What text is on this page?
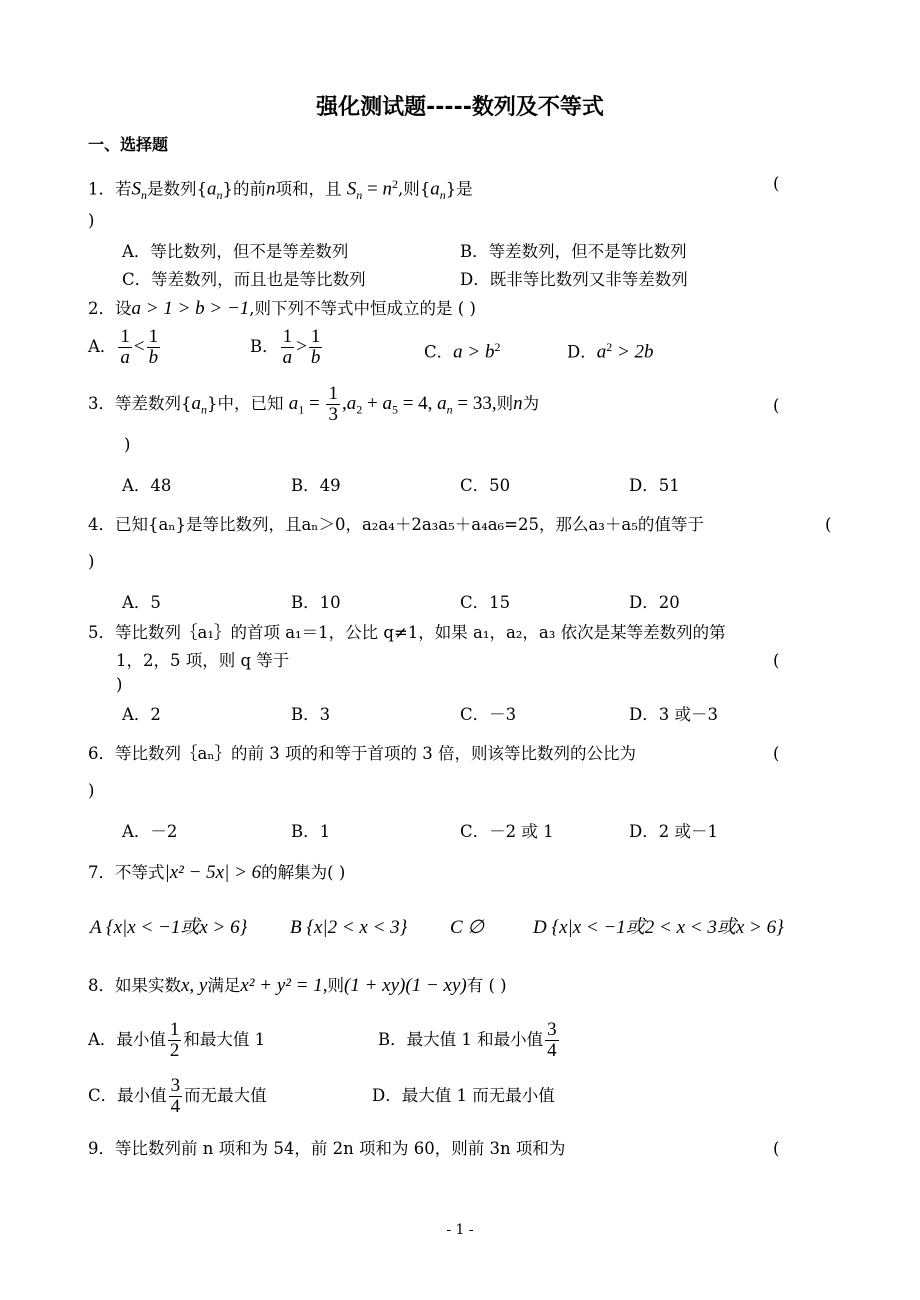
强化测试题-----数列及不等式
一、选择题
1．若$S_n$是数列$\{a_n\}$的前n项和，且 $S_n = n^2$,则$\{a_n\}$是	(
)
A．等比数列，但不是等差数列	B．等差数列，但不是等比数列
C．等差数列，而且也是等比数列	D．既非等比数列又非等差数列
2．设a > 1 > b > −1,则下列不等式中恒成立的是 ( )
A． $\frac{1}{a} < \frac{1}{b}$	B． $\frac{1}{a} > \frac{1}{b}$	C．$a > b^2$	D．$a^2 > 2b$
3．等差数列$\{a_n\}$中，已知 $a_1 = \frac{1}{3} ,a_2 + a_5 = 4$, $a_n = 33$,则n为	(
)
A．48	B．49	C．50	D．51
4．已知{aₙ}是等比数列，且aₙ＞0，a₂a₄＋2a₃a₅＋a₄a₆=25，那么a₃＋a₅的值等于	(
)
A．5	B．10	C．15	D．20
5．等比数列｛a₁｝的首项 a₁＝1，公比 q≠1，如果 a₁，a₂，a₃ 依次是某等差数列的第
1，2，5 项，则 q 等于	(
)
A．2	B．3	C．－3	D．3 或－3
6．等比数列｛aₙ｝的前 3 项的和等于首项的 3 倍，则该等比数列的公比为	(
)
A．－2	B．1	C．－2 或 1	D．2 或－1
7．不等式|x² − 5x| > 6的解集为( )
A {x|x < −1或x > 6} B {x|2 < x < 3} C ∅	D {x|x < −1或2 < x < 3或x > 6}
8．如果实数x, y满足x² + y² = 1,则(1 + xy)(1 − xy)有 ( )
A．最小值 $\frac{1}{2}$ 和最大值 1	B．最大值 1 和最小值 $\frac{3}{4}$
C．最小值 $\frac{3}{4}$ 而无最大值	D．最大值 1 而无最小值
9．等比数列前 n 项和为 54，前 2n 项和为 60，则前 3n 项和为	(
- 1 -
